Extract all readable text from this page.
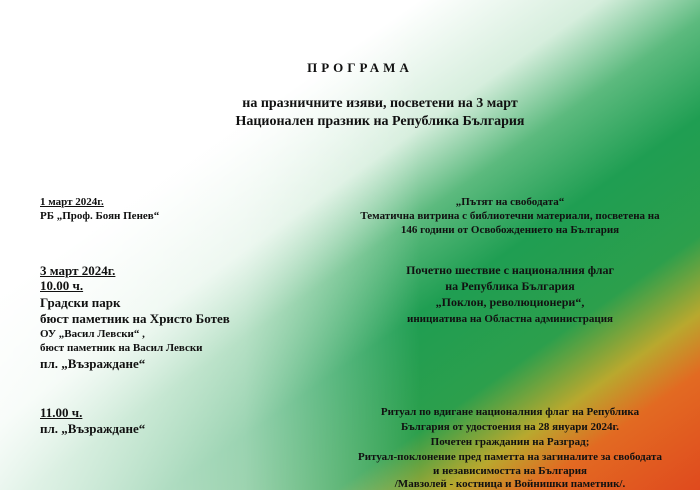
ПРОГРАМА
на празничните изяви, посветени на 3 март
Национален празник на Република България
1 март 2024г.
РБ „Проф. Боян Пенев“
„Пътят на свободата“
Тематична витрина с библиотечни материали, посветена на
146 години от Освобождението на България
3 март 2024г.
10.00 ч.
Градски парк
бюст паметник на Христо Ботев
ОУ „Васил Левски“ ,
бюст паметник на Васил Левски
пл. „Възраждане“
Почетно шествие с националния флаг
на Република България
„Поклон, революционери“,
инициатива на Областна администрация
11.00 ч.
пл. „Възраждане“
Ритуал по вдигане националния флаг на Република
България от удостоения на 28 януари 2024г.
Почетен гражданин на Разград;
Ритуал-поклонение пред паметта на загиналите за свободата
и независимостта на България
/Мавзолей - костница и Войнишки паметник/.
